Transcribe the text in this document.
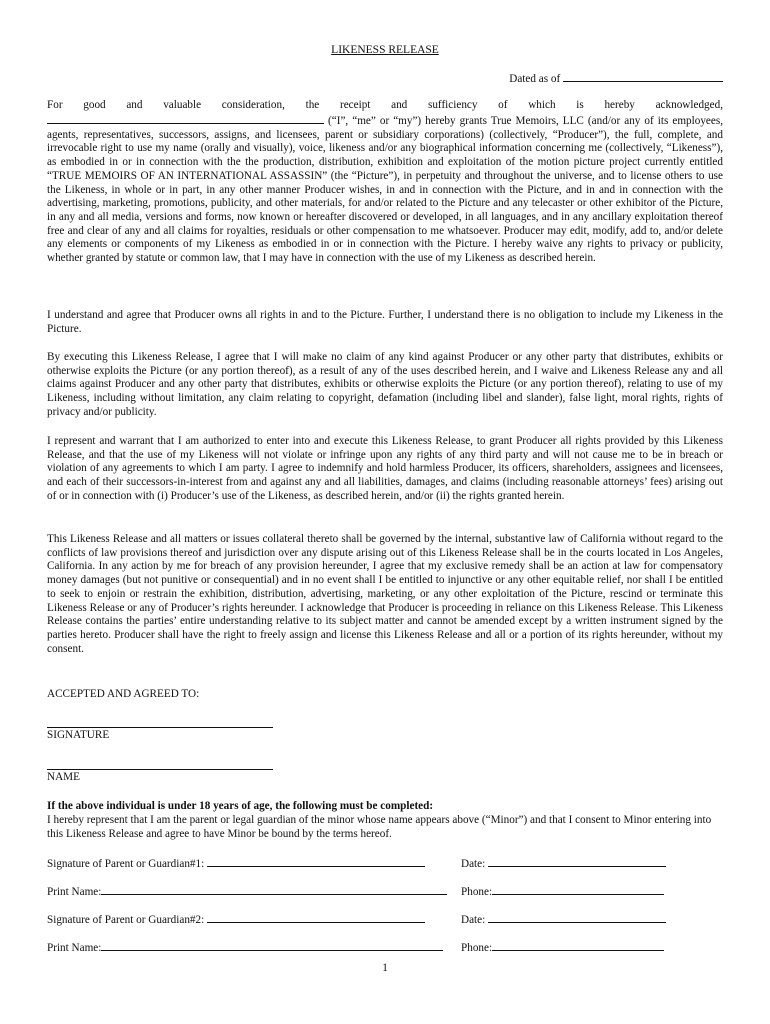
LIKENESS RELEASE
Dated as of

For good and valuable consideration, the receipt and sufficiency of which is hereby acknowledged,

(“I”, “me” or “my”) hereby grants True Memoirs, LLC (and/or any of its employees, agents, representatives, successors, assigns, and licensees, parent or subsidiary corporations) (collectively, “Producer”), the full, complete, and irrevocable right to use my name (orally and visually), voice, likeness and/or any biographical information concerning me (collectively, “Likeness”), as embodied in or in connection with the the production, distribution, exhibition and exploitation of the motion picture project currently entitled “TRUE MEMOIRS OF AN INTERNATIONAL ASSASSIN” (the “Picture”), in perpetuity and throughout the universe, and to license others to use the Likeness, in whole or in part, in any other manner Producer wishes, in and in connection with the Picture, and in and in connection with the advertising, marketing, promotions, publicity, and other materials, for and/or related to the Picture and any telecaster or other exhibitor of the Picture, in any and all media, versions and forms, now known or hereafter discovered or developed, in all languages, and in any ancillary exploitation thereof free and clear of any and all claims for royalties, residuals or other compensation to me whatsoever. Producer may edit, modify, add to, and/or delete any elements or components of my Likeness as embodied in or in connection with the Picture. I hereby waive any rights to privacy or publicity, whether granted by statute or common law, that I may have in connection with the use of my Likeness as described herein.

I understand and agree that Producer owns all rights in and to the Picture. Further, I understand there is no obligation to include my Likeness in the Picture.

By executing this Likeness Release, I agree that I will make no claim of any kind against Producer or any other party that distributes, exhibits or otherwise exploits the Picture (or any portion thereof), as a result of any of the uses described herein, and I waive and Likeness Release any and all claims against Producer and any other party that distributes, exhibits or otherwise exploits the Picture (or any portion thereof), relating to use of my Likeness, including without limitation, any claim relating to copyright, defamation (including libel and slander), false light, moral rights, rights of privacy and/or publicity.

I represent and warrant that I am authorized to enter into and execute this Likeness Release, to grant Producer all rights provided by this Likeness Release, and that the use of my Likeness will not violate or infringe upon any rights of any third party and will not cause me to be in breach or violation of any agreements to which I am party. I agree to indemnify and hold harmless Producer, its officers, shareholders, assignees and licensees, and each of their successors-in-interest from and against any and all liabilities, damages, and claims (including reasonable attorneys’ fees) arising out of or in connection with (i) Producer’s use of the Likeness, as described herein, and/or (ii) the rights granted herein.

This Likeness Release and all matters or issues collateral thereto shall be governed by the internal, substantive law of California without regard to the conflicts of law provisions thereof and jurisdiction over any dispute arising out of this Likeness Release shall be in the courts located in Los Angeles, California. In any action by me for breach of any provision hereunder, I agree that my exclusive remedy shall be an action at law for compensatory money damages (but not punitive or consequential) and in no event shall I be entitled to injunctive or any other equitable relief, nor shall I be entitled to seek to enjoin or restrain the exhibition, distribution, advertising, marketing, or any other exploitation of the Picture, rescind or terminate this Likeness Release or any of Producer’s rights hereunder. I acknowledge that Producer is proceeding in reliance on this Likeness Release. This Likeness Release contains the parties’ entire understanding relative to its subject matter and cannot be amended except by a written instrument signed by the parties hereto. Producer shall have the right to freely assign and license this Likeness Release and all or a portion of its rights hereunder, without my consent.

ACCEPTED AND AGREED TO:
SIGNATURE
NAME
If the above individual is under 18 years of age, the following must be completed:
I hereby represent that I am the parent or legal guardian of the minor whose name appears above (“Minor”) and that I consent to Minor entering into this Likeness Release and agree to have Minor be bound by the terms hereof.
Signature of Parent or Guardian#1:	Date:
Print Name:	Phone:
Signature of Parent or Guardian#2:	Date:
Print Name:	Phone:
1
